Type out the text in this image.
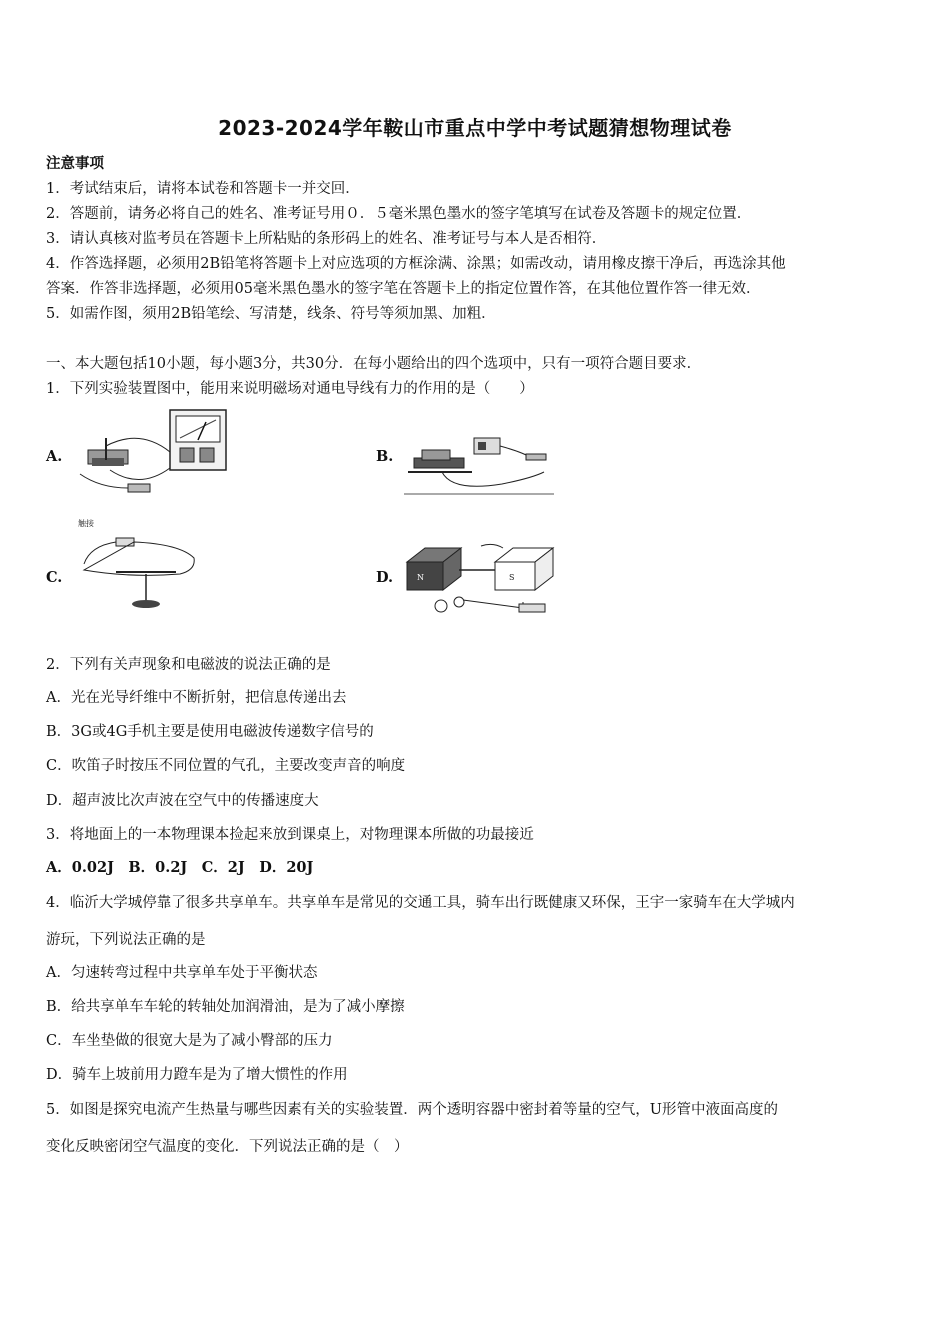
2023-2024学年鞍山市重点中学中考试题猜想物理试卷
注意事项
1．考试结束后，请将本试卷和答题卡一并交回．
2．答题前，请务必将自己的姓名、准考证号用０．５毫米黑色墨水的签字笔填写在试卷及答题卡的规定位置．
3．请认真核对监考员在答题卡上所粘贴的条形码上的姓名、准考证号与本人是否相符．
4．作答选择题，必须用2B铅笔将答题卡上对应选项的方框涂满、涂黑；如需改动，请用橡皮擦干净后，再选涂其他
答案．作答非选择题，必须用05毫米黑色墨水的签字笔在答题卡上的指定位置作答，在其他位置作答一律无效．
5．如需作图，须用2B铅笔绘、写清楚，线条、符号等须加黑、加粗．
一、本大题包括10小题，每小题3分，共30分．在每小题给出的四个选项中，只有一项符合题目要求．
1．下列实验装置图中，能用来说明磁场对通电导线有力的作用的是（　　）
A.	B.
C.	D.
触接
N	S
2．下列有关声现象和电磁波的说法正确的是
A．光在光导纤维中不断折射，把信息传递出去
B．3G或4G手机主要是使用电磁波传递数字信号的
C．吹笛子时按压不同位置的气孔，主要改变声音的响度
D．超声波比次声波在空气中的传播速度大
3．将地面上的一本物理课本捡起来放到课桌上，对物理课本所做的功最接近
A．0.02J　B．0.2J　C．2J　D．20J
4．临沂大学城停靠了很多共享单车。共享单车是常见的交通工具，骑车出行既健康又环保，王宇一家骑车在大学城内
游玩，下列说法正确的是
A．匀速转弯过程中共享单车处于平衡状态
B．给共享单车车轮的转轴处加润滑油，是为了减小摩擦
C．车坐垫做的很宽大是为了减小臀部的压力
D．骑车上坡前用力蹬车是为了增大惯性的作用
5．如图是探究电流产生热量与哪些因素有关的实验装置．两个透明容器中密封着等量的空气，U形管中液面高度的
变化反映密闭空气温度的变化．下列说法正确的是（　）
